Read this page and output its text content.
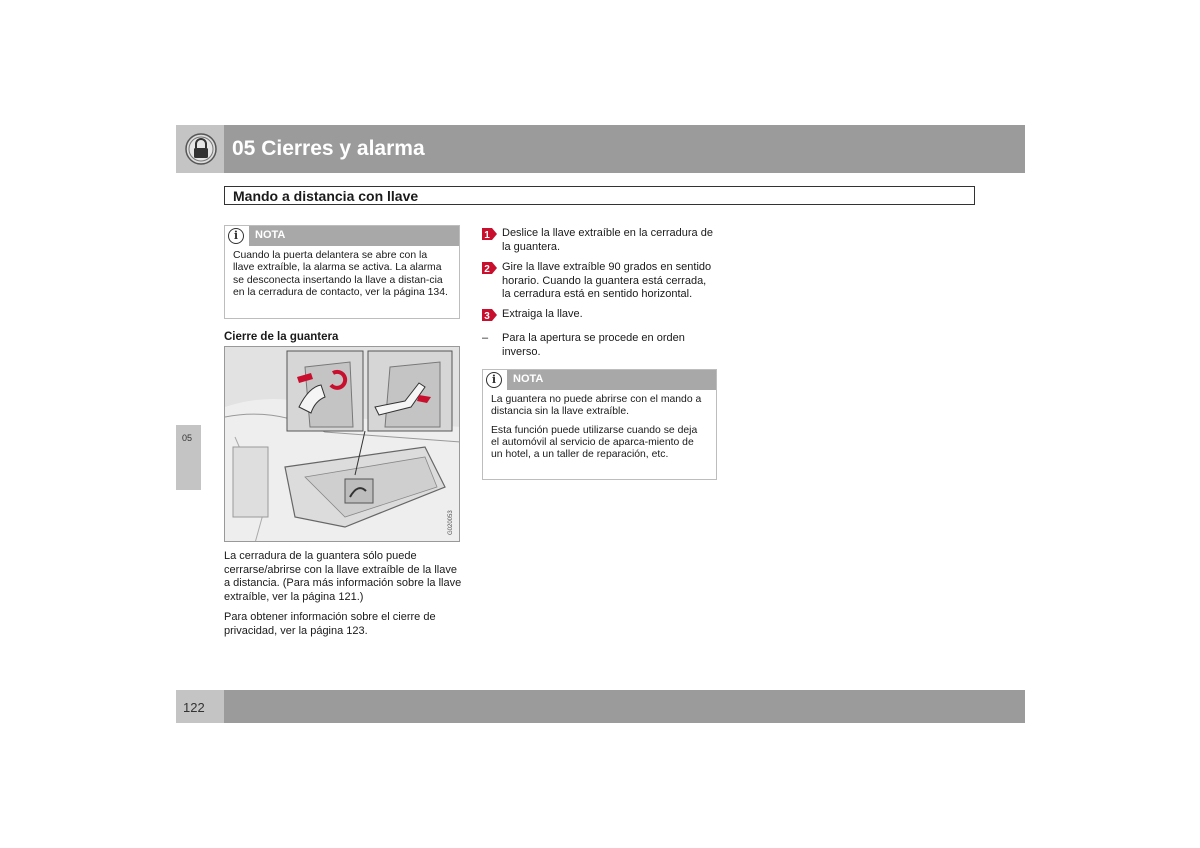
05 Cierres y alarma
Mando a distancia con llave
i	NOTA

Cuando la puerta delantera se abre con la llave extraíble, la alarma se activa. La alarma se desconecta insertando la llave a distan-cia en la cerradura de contacto, ver la página 134.

Cierre de la guantera
G020053

La cerradura de la guantera sólo puede cerrarse/abrirse con la llave extraíble de la llave a distancia. (Para más información sobre la llave extraíble, ver la página 121.)

Para obtener información sobre el cierre de privacidad, ver la página 123.

1 Deslice la llave extraíble en la cerradura de la guantera.
2 Gire la llave extraíble 90 grados en sentido horario. Cuando la guantera está cerrada, la cerradura está en sentido horizontal.
3 Extraiga la llave.
– Para la apertura se procede en orden inverso.
i	NOTA

La guantera no puede abrirse con el mando a distancia sin la llave extraíble.

Esta función puede utilizarse cuando se deja el automóvil al servicio de aparca-miento de un hotel, a un taller de reparación, etc.

05
122
